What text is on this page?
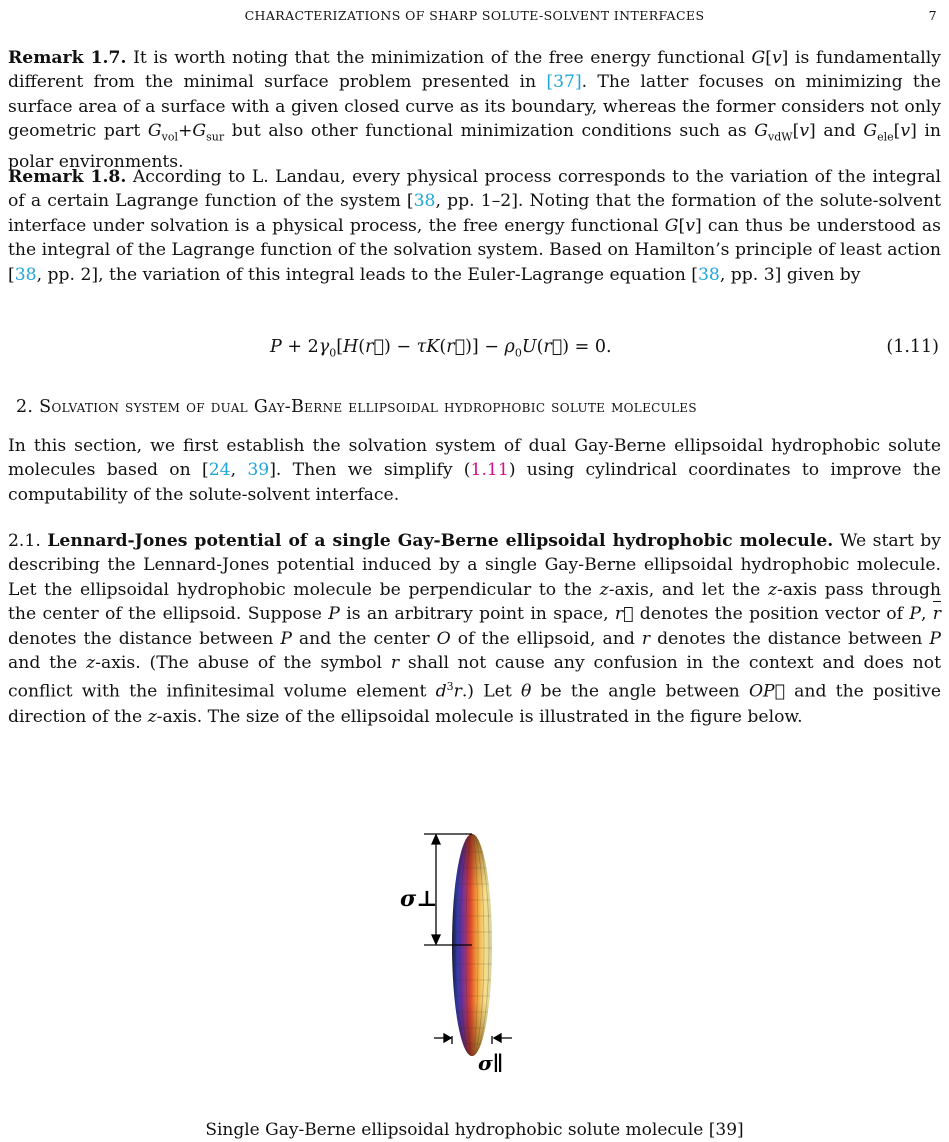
CHARACTERIZATIONS OF SHARP SOLUTE-SOLVENT INTERFACES	7

Remark 1.7. It is worth noting that the minimization of the free energy functional G[v] is fundamentally different from the minimal surface problem presented in [37]. The latter focuses on minimizing the surface area of a surface with a given closed curve as its boundary, whereas the former considers not only geometric part $G_{vol}+G_{sur}$ but also other functional minimization conditions such as $G_{vdW}[v]$ and $G_{ele}[v]$ in polar environments.

Remark 1.8. According to L. Landau, every physical process corresponds to the variation of the integral of a certain Lagrange function of the system [38, pp. 1–2]. Noting that the formation of the solute-solvent interface under solvation is a physical process, the free energy functional G[v] can thus be understood as the integral of the Lagrange function of the solvation system. Based on Hamilton’s principle of least action [38, pp. 2], the variation of this integral leads to the Euler-Lagrange equation [38, pp. 3] given by

$P + 2\gamma_0[H(r⃗)$ − τK(r⃗)] − $\rho_0U(r⃗) = 0$.	(1.11)
2. Solvation system of dual Gay-Berne ellipsoidal hydrophobic solute molecules

In this section, we first establish the solvation system of dual Gay-Berne ellipsoidal hydrophobic solute molecules based on [24, 39]. Then we simplify (1.11) using cylindrical coordinates to improve the computability of the solute-solvent interface.

2.1. Lennard-Jones potential of a single Gay-Berne ellipsoidal hydrophobic molecule. We start by describing the Lennard-Jones potential induced by a single Gay-Berne ellipsoidal hydrophobic molecule. Let the ellipsoidal hydrophobic molecule be perpendicular to the z-axis, and let the z-axis pass through the center of the ellipsoid. Suppose P is an arbitrary point in space, r⃗ denotes the position vector of P, r denotes the distance between P and the center O of the ellipsoid, and r denotes the distance between P and the z-axis. (The abuse of the symbol r shall not cause any confusion in the context and does not conflict with the infinitesimal volume element $d^3r$.) Let θ be the angle between OP⃗ and the positive direction of the z-axis. The size of the ellipsoidal molecule is illustrated in the figure below.

σ⊥
σ∥
Single Gay-Berne ellipsoidal hydrophobic solute molecule [39]
